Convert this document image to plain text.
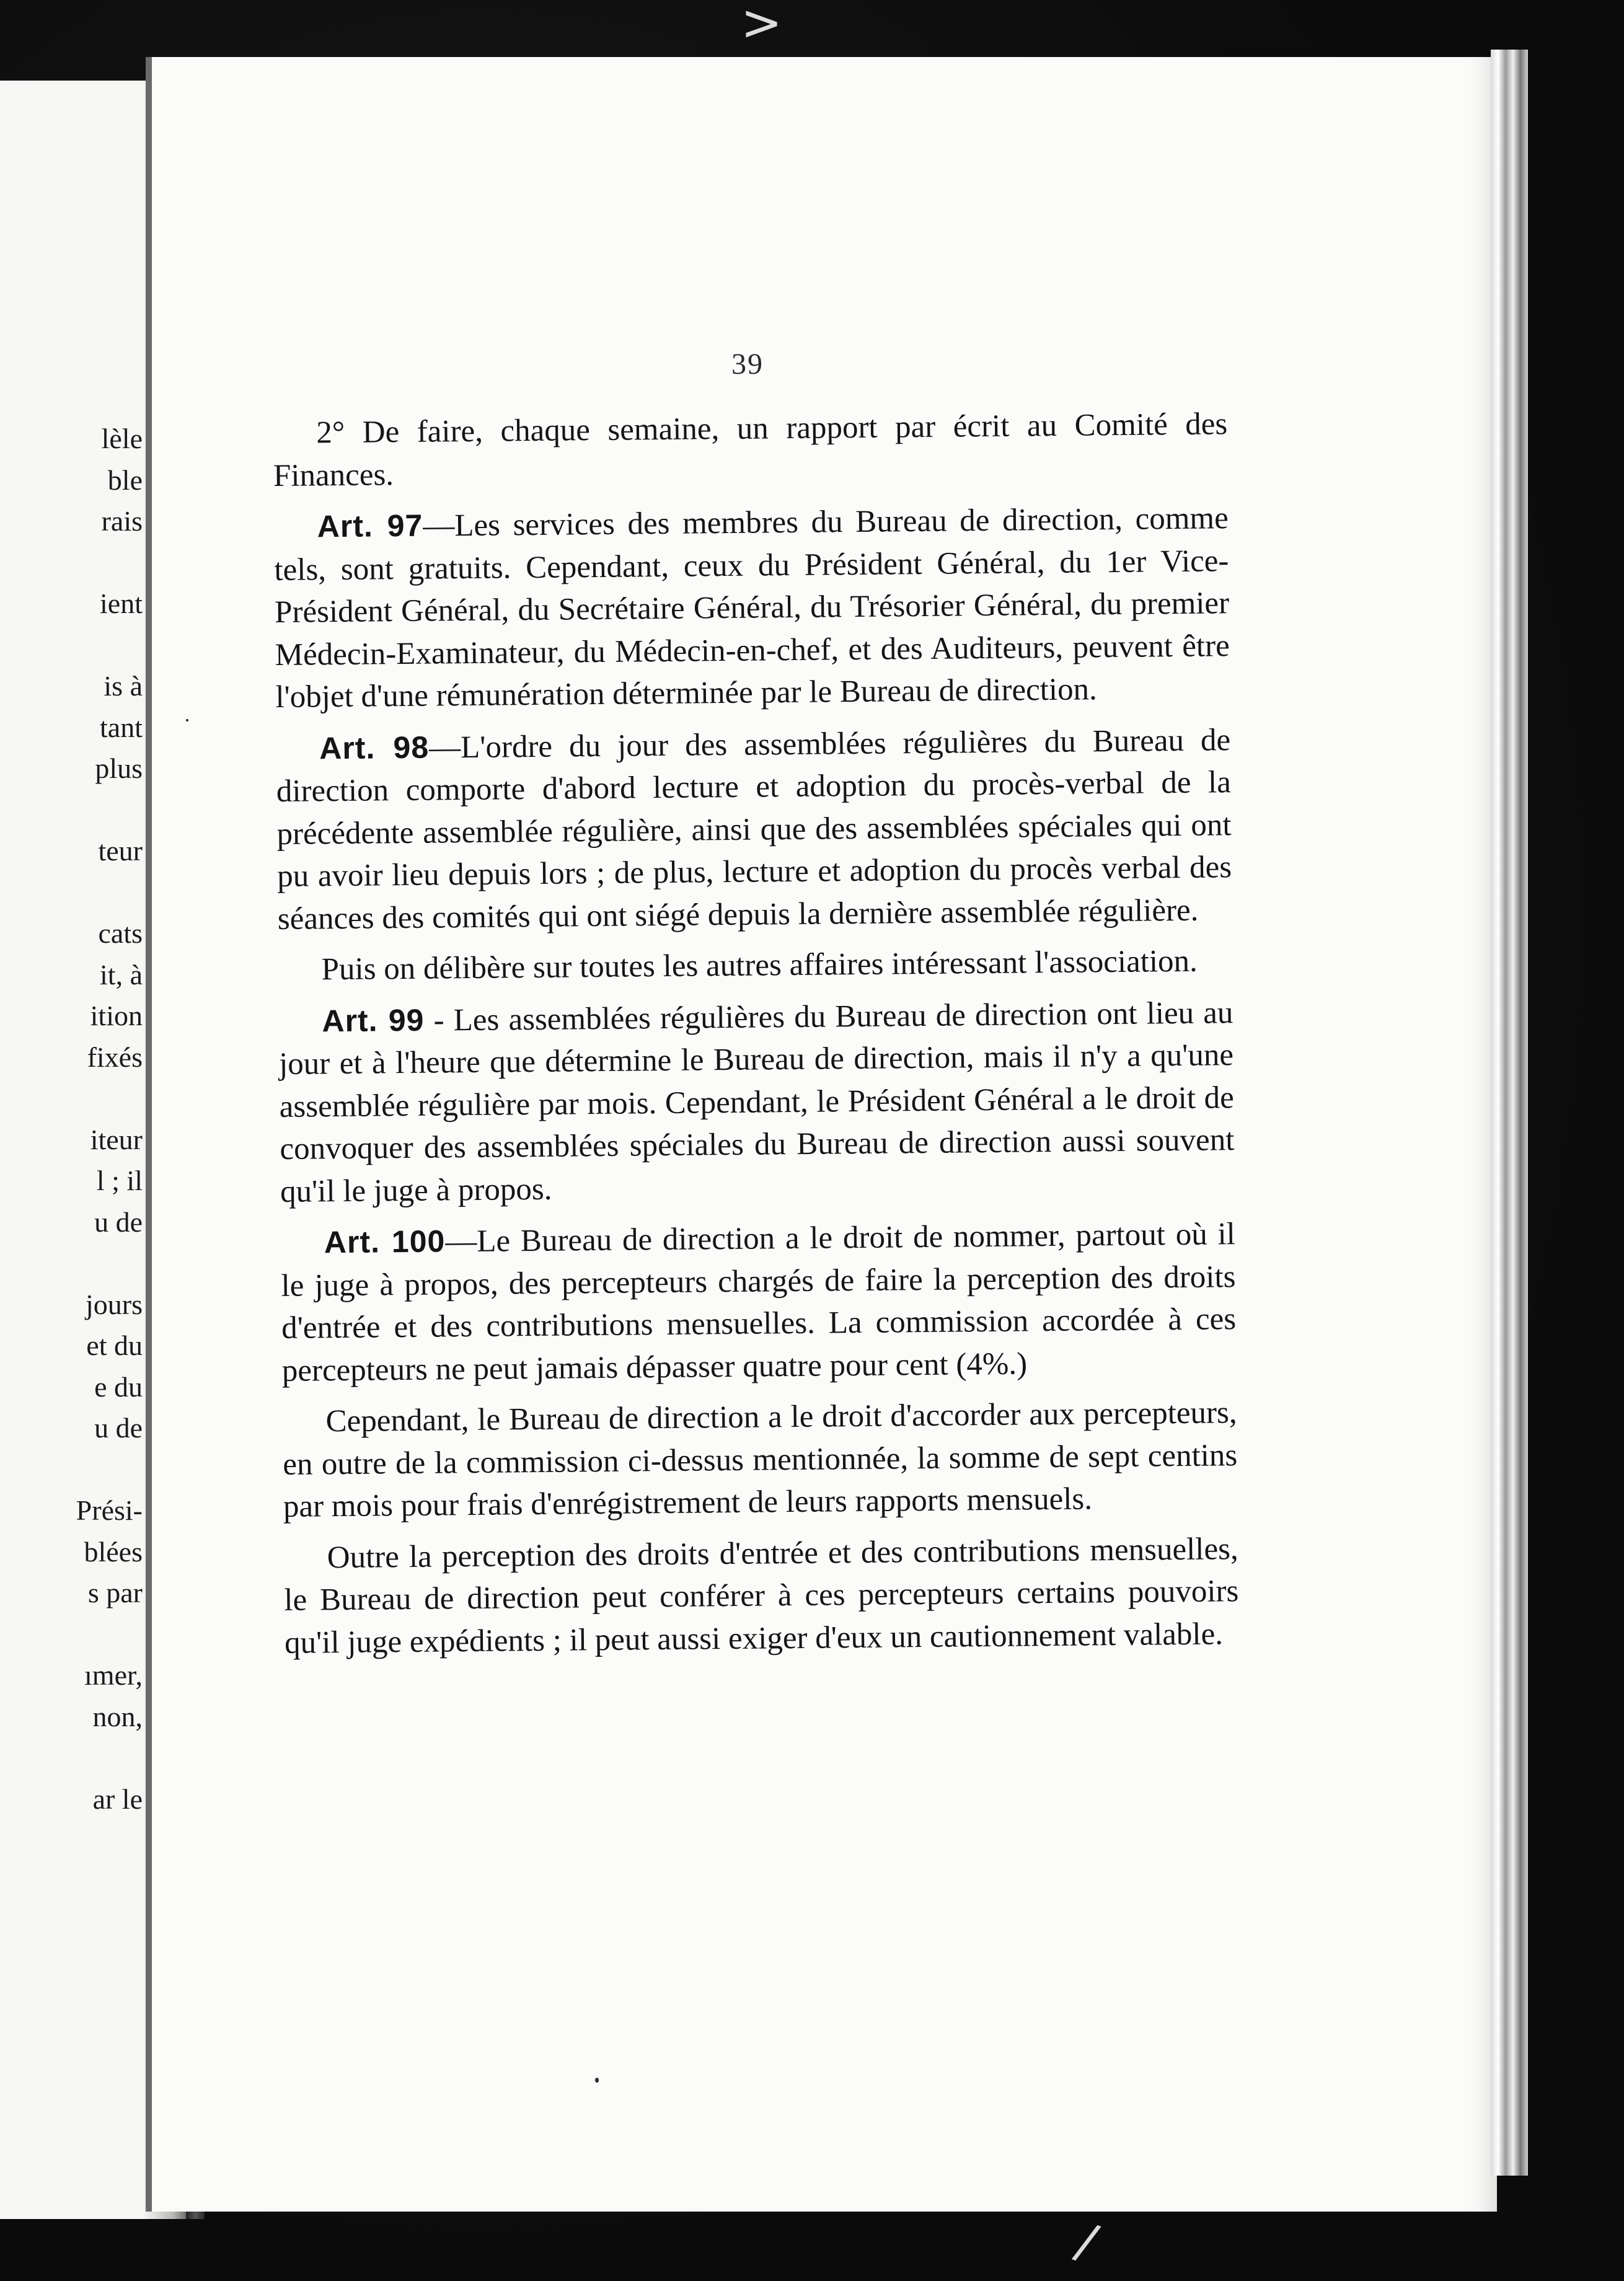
lèle
ble
rais
ient
is à
tant
plus
teur
cats
it, à
ition
fixés
iteur
l ; il
u de
jours
et du
e du
u de
Prési-
blées
s par
ımer,
non,
ar le
39

2° De faire, chaque semaine, un rapport par écrit au Comité des Finances.

Art. 97—Les services des membres du Bureau de direction, comme tels, sont gratuits. Cependant, ceux du Président Général, du 1er Vice-Président Général, du Secrétaire Général, du Trésorier Général, du premier Médecin-Examinateur, du Médecin-en-chef, et des Auditeurs, peuvent être l'objet d'une rémunération déterminée par le Bureau de direction.

Art. 98—L'ordre du jour des assemblées régulières du Bureau de direction comporte d'abord lecture et adoption du procès-verbal de la précédente assemblée régulière, ainsi que des assemblées spéciales qui ont pu avoir lieu depuis lors ; de plus, lecture et adoption du procès verbal des séances des comités qui ont siégé depuis la dernière assemblée régulière.

Puis on délibère sur toutes les autres affaires intéressant l'association.

Art. 99 - Les assemblées régulières du Bureau de direction ont lieu au jour et à l'heure que détermine le Bureau de direction, mais il n'y a qu'une assemblée régulière par mois. Cependant, le Président Général a le droit de convoquer des assemblées spéciales du Bureau de direction aussi souvent qu'il le juge à propos.

Art. 100—Le Bureau de direction a le droit de nommer, partout où il le juge à propos, des percepteurs chargés de faire la perception des droits d'entrée et des contributions mensuelles. La commission accordée à ces percepteurs ne peut jamais dépasser quatre pour cent (4%.)

Cependant, le Bureau de direction a le droit d'accorder aux percepteurs, en outre de la commission ci-dessus mentionnée, la somme de sept centins par mois pour frais d'enrégistrement de leurs rapports mensuels.

Outre la perception des droits d'entrée et des contributions mensuelles, le Bureau de direction peut conférer à ces percepteurs certains pouvoirs qu'il juge expédients ; il peut aussi exiger d'eux un cautionnement valable.

>
/
